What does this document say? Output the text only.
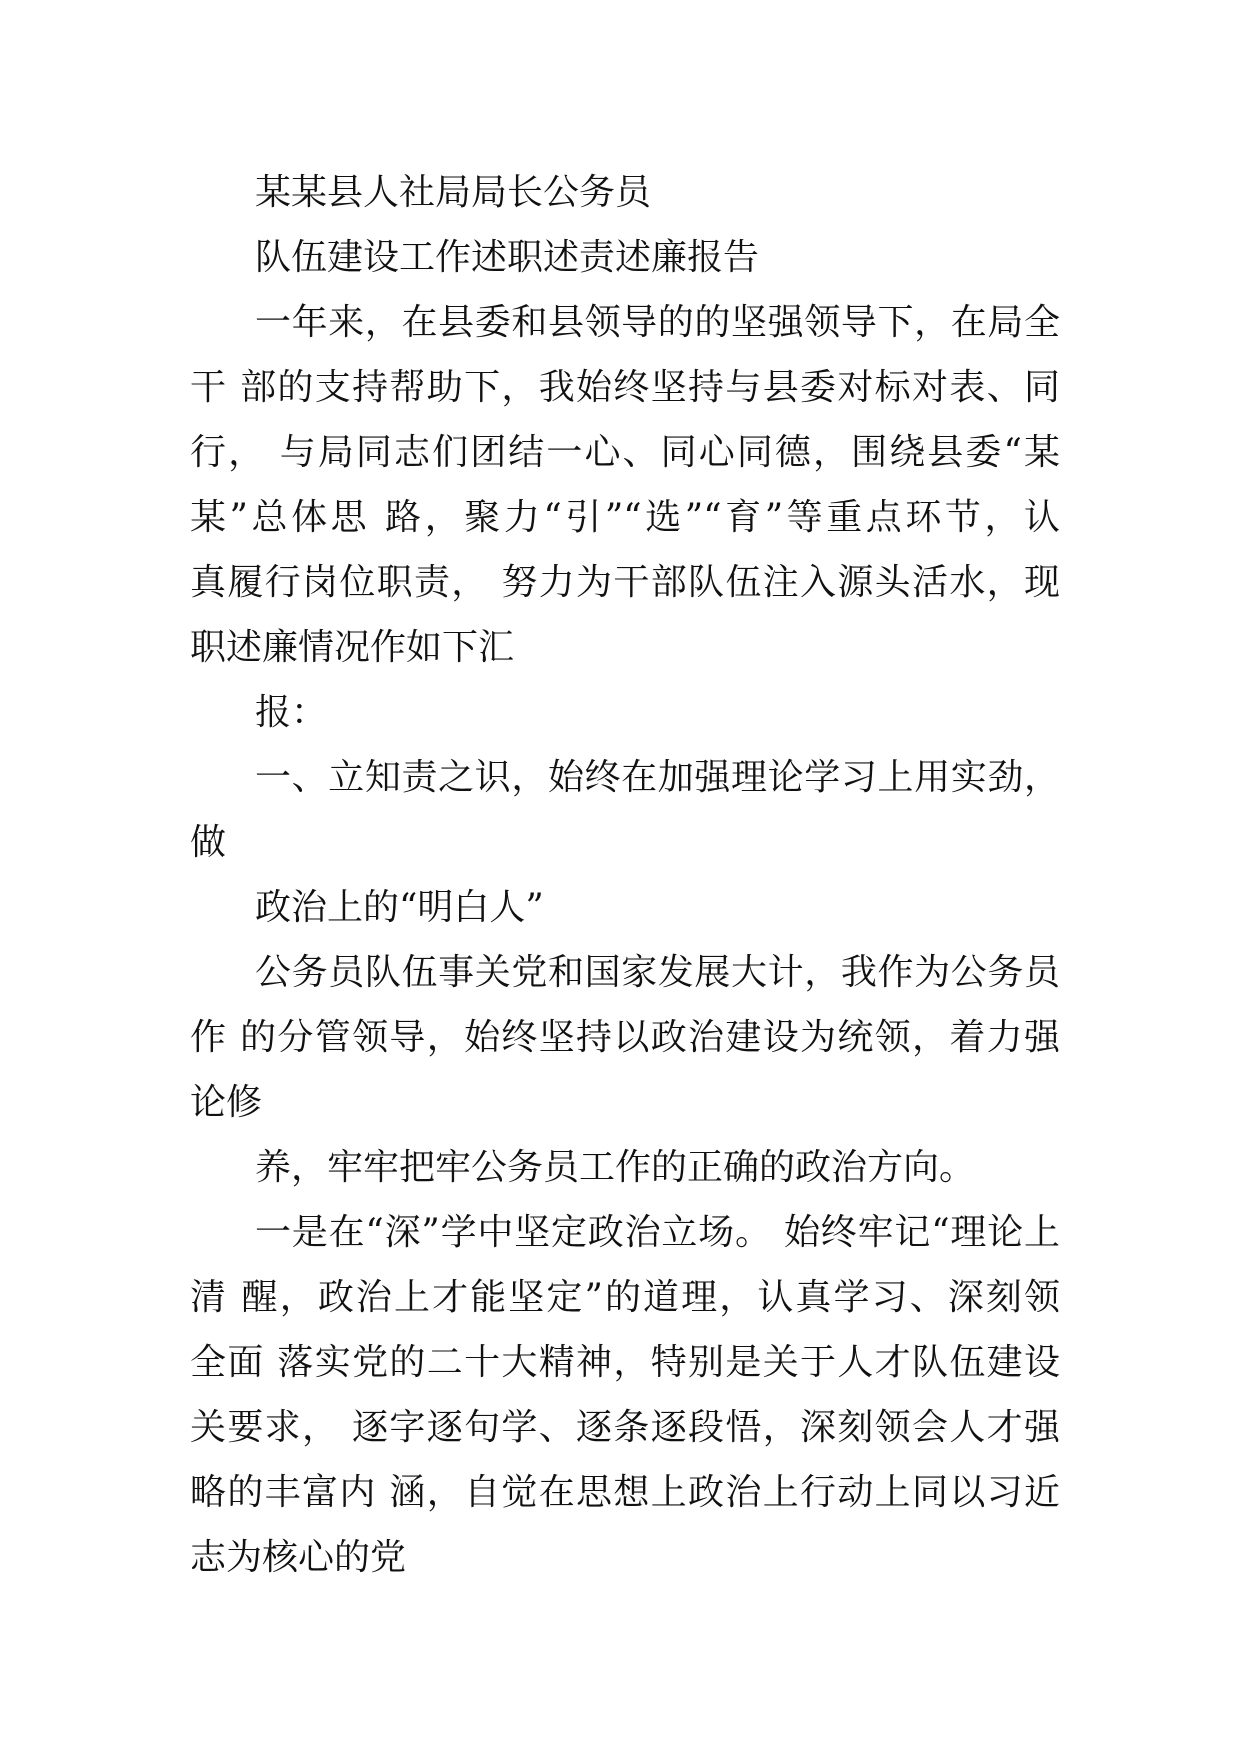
某某县人社局局长公务员
队伍建设工作述职述责述廉报告
一年来，在县委和县领导的的坚强领导下，在局全
干 部的支持帮助下，我始终坚持与县委对标对表、同
行， 与局同志们团结一心、同心同德，围绕县委“某
某”总体思 路，聚力“引”“选”“育”等重点环节，认
真履行岗位职责， 努力为干部队伍注入源头活水，现
职述廉情况作如下汇
报：
一、立知责之识，始终在加强理论学习上用实劲，
做
政治上的“明白人”
公务员队伍事关党和国家发展大计，我作为公务员
作 的分管领导，始终坚持以政治建设为统领，着力强
论修
养，牢牢把牢公务员工作的正确的政治方向。
一是在“深”学中坚定政治立场。 始终牢记“理论上
清 醒，政治上才能坚定”的道理，认真学习、深刻领
全面 落实党的二十大精神，特别是关于人才队伍建设
关要求， 逐字逐句学、逐条逐段悟，深刻领会人才强
略的丰富内 涵，自觉在思想上政治上行动上同以习近
志为核心的党
